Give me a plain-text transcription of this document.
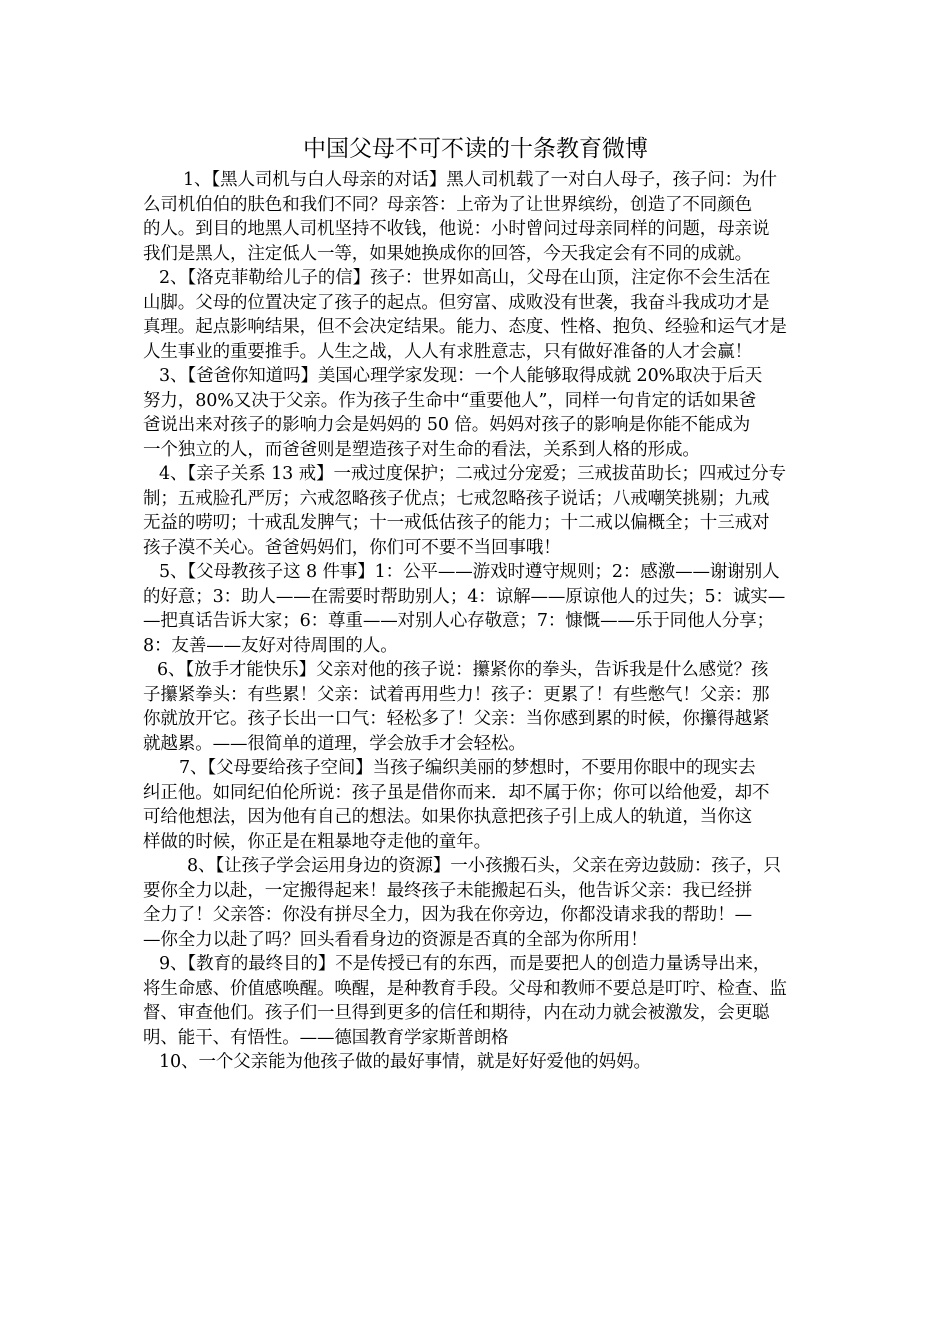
中国父母不可不读的十条教育微博

1、【黑人司机与白人母亲的对话】黑人司机载了一对白人母子，孩子问：为什
么司机伯伯的肤色和我们不同？母亲答：上帝为了让世界缤纷，创造了不同颜色
的人。到目的地黑人司机坚持不收钱，他说：小时曾问过母亲同样的问题，母亲说
我们是黑人，注定低人一等，如果她换成你的回答，今天我定会有不同的成就。

2、【洛克菲勒给儿子的信】孩子：世界如高山，父母在山顶，注定你不会生活在
山脚。父母的位置决定了孩子的起点。但穷富、成败没有世袭，我奋斗我成功才是
真理。起点影响结果，但不会决定结果。能力、态度、性格、抱负、经验和运气才是
人生事业的重要推手。人生之战，人人有求胜意志，只有做好准备的人才会赢！

3、【爸爸你知道吗】美国心理学家发现：一个人能够取得成就 20%取决于后天
努力，80%又决于父亲。作为孩子生命中“重要他人”，同样一句肯定的话如果爸
爸说出来对孩子的影响力会是妈妈的 50 倍。妈妈对孩子的影响是你能不能成为
一个独立的人，而爸爸则是塑造孩子对生命的看法，关系到人格的形成。

4、【亲子关系 13 戒】一戒过度保护；二戒过分宠爱；三戒拔苗助长；四戒过分专
制；五戒脸孔严厉；六戒忽略孩子优点；七戒忽略孩子说话；八戒嘲笑挑剔；九戒
无益的唠叨；十戒乱发脾气；十一戒低估孩子的能力；十二戒以偏概全；十三戒对
孩子漠不关心。爸爸妈妈们，你们可不要不当回事哦！

5、【父母教孩子这 8 件事】1：公平——游戏时遵守规则；2：感激——谢谢别人
的好意；3：助人——在需要时帮助别人；4：谅解——原谅他人的过失；5：诚实—
—把真话告诉大家；6：尊重——对别人心存敬意；7：慷慨——乐于同他人分享；
8：友善——友好对待周围的人。

6、【放手才能快乐】父亲对他的孩子说：攥紧你的拳头，告诉我是什么感觉？孩
子攥紧拳头：有些累！父亲：试着再用些力！孩子：更累了！有些憋气！父亲：那
你就放开它。孩子长出一口气：轻松多了！父亲：当你感到累的时候，你攥得越紧
就越累。——很简单的道理，学会放手才会轻松。

7、【父母要给孩子空间】当孩子编织美丽的梦想时，不要用你眼中的现实去
纠正他。如同纪伯伦所说：孩子虽是借你而来．却不属于你；你可以给他爱，却不
可给他想法，因为他有自己的想法。如果你执意把孩子引上成人的轨道，当你这
样做的时候，你正是在粗暴地夺走他的童年。

8、【让孩子学会运用身边的资源】一小孩搬石头，父亲在旁边鼓励：孩子，只
要你全力以赴，一定搬得起来！最终孩子未能搬起石头，他告诉父亲：我已经拼
全力了！父亲答：你没有拼尽全力，因为我在你旁边，你都没请求我的帮助！—
—你全力以赴了吗？回头看看身边的资源是否真的全部为你所用！

9、【教育的最终目的】不是传授已有的东西，而是要把人的创造力量诱导出来，
将生命感、价值感唤醒。唤醒，是种教育手段。父母和教师不要总是叮咛、检查、监
督、审查他们。孩子们一旦得到更多的信任和期待，内在动力就会被激发，会更聪
明、能干、有悟性。——德国教育学家斯普朗格

10、一个父亲能为他孩子做的最好事情，就是好好爱他的妈妈。
